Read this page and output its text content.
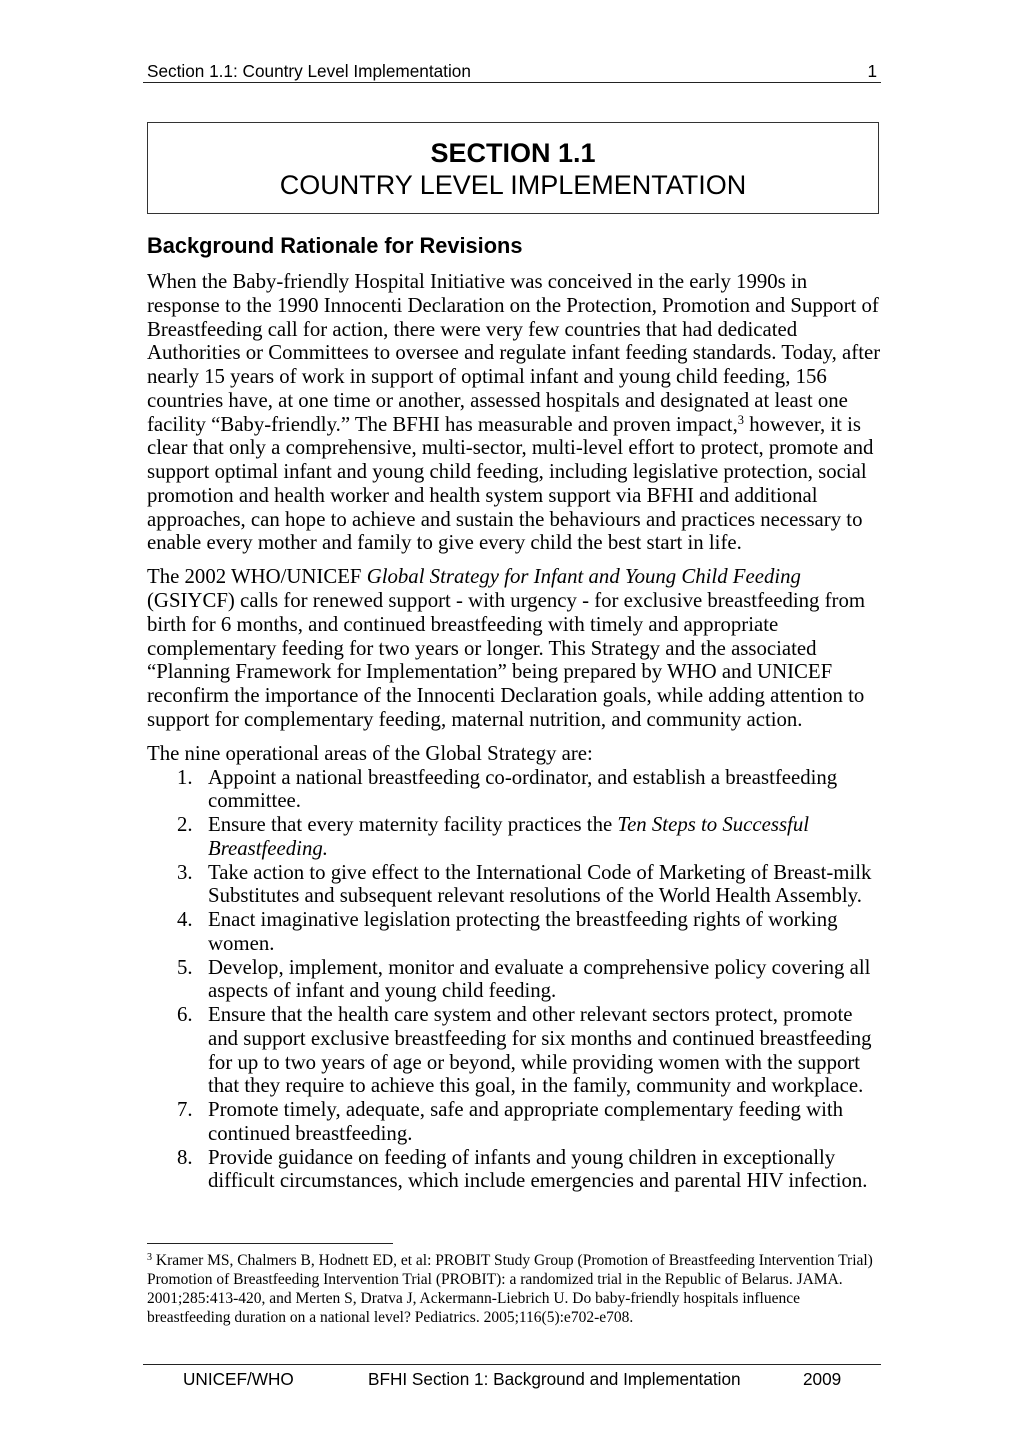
Section 1.1: Country Level Implementation	1
SECTION 1.1
COUNTRY LEVEL IMPLEMENTATION
Background Rationale for Revisions
When the Baby-friendly Hospital Initiative was conceived in the early 1990s in
response to the 1990 Innocenti Declaration on the Protection, Promotion and Support of
Breastfeeding call for action, there were very few countries that had dedicated
Authorities or Committees to oversee and regulate infant feeding standards. Today, after
nearly 15 years of work in support of optimal infant and young child feeding, 156
countries have, at one time or another, assessed hospitals and designated at least one
facility “Baby-friendly.” The BFHI has measurable and proven impact,$^3$ however, it is
clear that only a comprehensive, multi-sector, multi-level effort to protect, promote and
support optimal infant and young child feeding, including legislative protection, social
promotion and health worker and health system support via BFHI and additional
approaches, can hope to achieve and sustain the behaviours and practices necessary to
enable every mother and family to give every child the best start in life.
The 2002 WHO/UNICEF Global Strategy for Infant and Young Child Feeding
(GSIYCF) calls for renewed support - with urgency - for exclusive breastfeeding from
birth for 6 months, and continued breastfeeding with timely and appropriate
complementary feeding for two years or longer. This Strategy and the associated
“Planning Framework for Implementation” being prepared by WHO and UNICEF
reconfirm the importance of the Innocenti Declaration goals, while adding attention to
support for complementary feeding, maternal nutrition, and community action.
The nine operational areas of the Global Strategy are:
1. Appoint a national breastfeeding co-ordinator, and establish a breastfeeding
committee.
2. Ensure that every maternity facility practices the Ten Steps to Successful
Breastfeeding.
3. Take action to give effect to the International Code of Marketing of Breast-milk
Substitutes and subsequent relevant resolutions of the World Health Assembly.
4. Enact imaginative legislation protecting the breastfeeding rights of working
women.
5. Develop, implement, monitor and evaluate a comprehensive policy covering all
aspects of infant and young child feeding.
6. Ensure that the health care system and other relevant sectors protect, promote
and support exclusive breastfeeding for six months and continued breastfeeding
for up to two years of age or beyond, while providing women with the support
that they require to achieve this goal, in the family, community and workplace.
7. Promote timely, adequate, safe and appropriate complementary feeding with
continued breastfeeding.
8. Provide guidance on feeding of infants and young children in exceptionally
difficult circumstances, which include emergencies and parental HIV infection.
$^3$ Kramer MS, Chalmers B, Hodnett ED, et al: PROBIT Study Group (Promotion of Breastfeeding Intervention Trial)
Promotion of Breastfeeding Intervention Trial (PROBIT): a randomized trial in the Republic of Belarus. JAMA.
2001;285:413-420, and Merten S, Dratva J, Ackermann-Liebrich U. Do baby-friendly hospitals influence
breastfeeding duration on a national level? Pediatrics. 2005;116(5):e702-e708.
UNICEF/WHO	BFHI Section 1: Background and Implementation	2009
